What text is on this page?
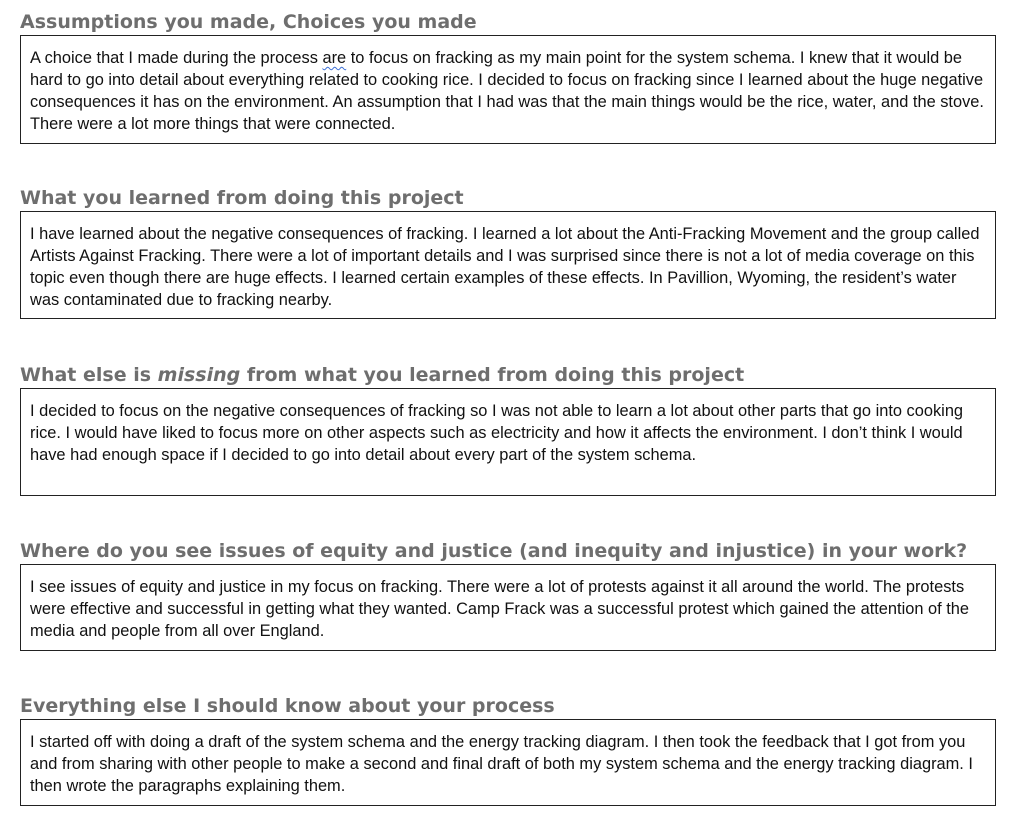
Assumptions you made, Choices you made
A choice that I made during the process are to focus on fracking as my main point for the system schema. I knew that it would be hard to go into detail about everything related to cooking rice. I decided to focus on fracking since I learned about the huge negative consequences it has on the environment. An assumption that I had was that the main things would be the rice, water, and the stove. There were a lot more things that were connected.
What you learned from doing this project
I have learned about the negative consequences of fracking. I learned a lot about the Anti-Fracking Movement and the group called Artists Against Fracking. There were a lot of important details and I was surprised since there is not a lot of media coverage on this topic even though there are huge effects. I learned certain examples of these effects. In Pavillion, Wyoming, the resident’s water was contaminated due to fracking nearby.
What else is missing from what you learned from doing this project
I decided to focus on the negative consequences of fracking so I was not able to learn a lot about other parts that go into cooking rice. I would have liked to focus more on other aspects such as electricity and how it affects the environment. I don’t think I would have had enough space if I decided to go into detail about every part of the system schema.
Where do you see issues of equity and justice (and inequity and injustice) in your work?
I see issues of equity and justice in my focus on fracking. There were a lot of protests against it all around the world. The protests were effective and successful in getting what they wanted. Camp Frack was a successful protest which gained the attention of the media and people from all over England.
Everything else I should know about your process
I started off with doing a draft of the system schema and the energy tracking diagram. I then took the feedback that I got from you and from sharing with other people to make a second and final draft of both my system schema and the energy tracking diagram. I then wrote the paragraphs explaining them.
